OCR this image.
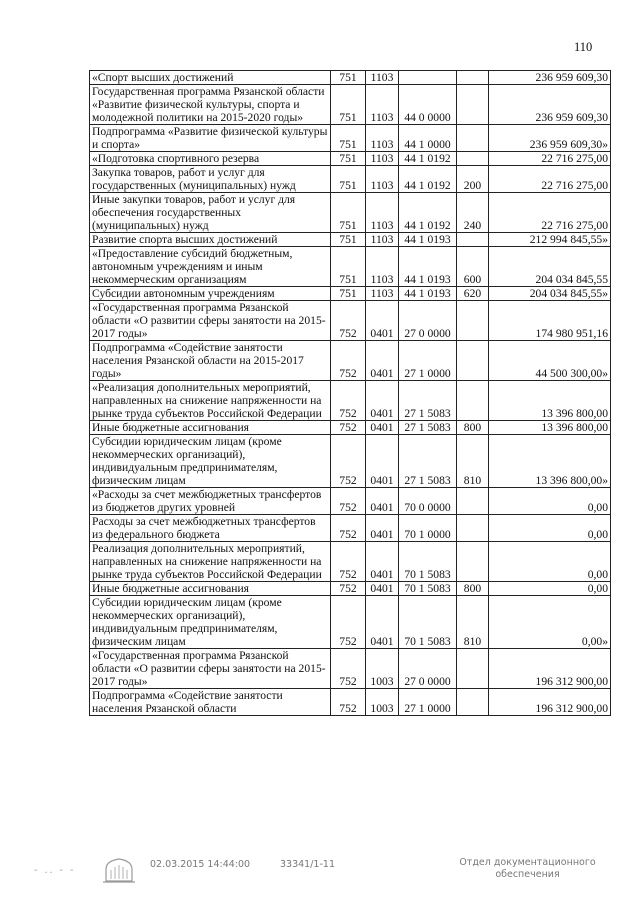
110
«Спорт высших достижений	751	1103			236 959 609,30
Государственная программа Рязанской области «Развитие физической культуры, спорта и молодежной политики на 2015-2020 годы»	751	1103	44 0 0000		236 959 609,30
Подпрограмма «Развитие физической культуры и спорта»	751	1103	44 1 0000		236 959 609,30»
«Подготовка спортивного резерва	751	1103	44 1 0192		22 716 275,00
Закупка товаров, работ и услуг для государственных (муниципальных) нужд	751	1103	44 1 0192	200	22 716 275,00
Иные закупки товаров, работ и услуг для обеспечения государственных (муниципальных) нужд	751	1103	44 1 0192	240	22 716 275,00
Развитие спорта высших достижений	751	1103	44 1 0193		212 994 845,55»
«Предоставление субсидий бюджетным, автономным учреждениям и иным некоммерческим организациям	751	1103	44 1 0193	600	204 034 845,55
Субсидии автономным учреждениям	751	1103	44 1 0193	620	204 034 845,55»
«Государственная программа Рязанской области «О развитии сферы занятости на 2015-2017 годы»	752	0401	27 0 0000		174 980 951,16
Подпрограмма «Содействие занятости населения Рязанской области на 2015-2017 годы»	752	0401	27 1 0000		44 500 300,00»
«Реализация дополнительных мероприятий, направленных на снижение напряженности на рынке труда субъектов Российской Федерации	752	0401	27 1 5083		13 396 800,00
Иные бюджетные ассигнования	752	0401	27 1 5083	800	13 396 800,00
Субсидии юридическим лицам (кроме некоммерческих организаций), индивидуальным предпринимателям, физическим лицам	752	0401	27 1 5083	810	13 396 800,00»
«Расходы за счет межбюджетных трансфертов из бюджетов других уровней	752	0401	70 0 0000		0,00
Расходы за счет межбюджетных трансфертов из федерального бюджета	752	0401	70 1 0000		0,00
Реализация дополнительных мероприятий, направленных на снижение напряженности на рынке труда субъектов Российской Федерации	752	0401	70 1 5083		0,00
Иные бюджетные ассигнования	752	0401	70 1 5083	800	0,00
Субсидии юридическим лицам (кроме некоммерческих организаций), индивидуальным предпринимателям, физическим лицам	752	0401	70 1 5083	810	0,00»
«Государственная программа Рязанской области «О развитии сферы занятости на 2015-2017 годы»	752	1003	27 0 0000		196 312 900,00
Подпрограмма «Содействие занятости населения Рязанской области	752	1003	27 1 0000		196 312 900,00
- .. - -
02.03.2015 14:44:00	33341/1-11	Отдел документационного обеспечения
